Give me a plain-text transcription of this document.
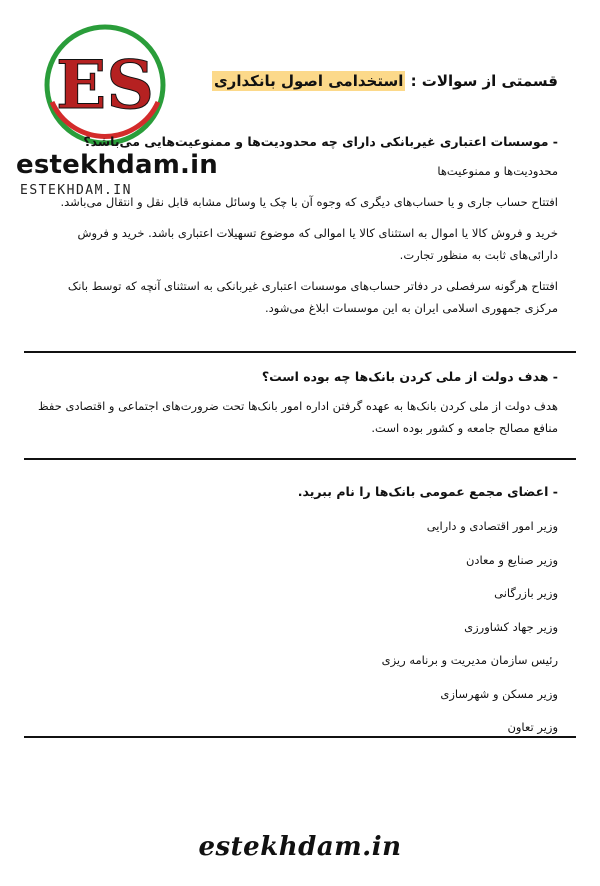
ES
estekhdam.in
ESTEKHDAM.IN
قسمتی از سوالات : استخدامی اصول بانکداری
- موسسات اعتباری غیربانکی دارای چه محدودیت‌ها و ممنوعیت‌هایی می‌باشد؟
محدودیت‌ها و ممنوعیت‌ها
افتتاح حساب جاری و یا حساب‌های دیگری که وجوه آن با چک یا وسائل مشابه قابل نقل و انتقال می‌باشد.
خرید و فروش کالا یا اموال به استثنای کالا یا اموالی که موضوع تسهیلات اعتباری باشد. خرید و فروش دارائی‌های ثابت به منظور تجارت.
افتتاح هرگونه سرفصلی در دفاتر حساب‌های موسسات اعتباری غیربانکی به استثنای آنچه که توسط بانک مرکزی جمهوری اسلامی ایران به این موسسات ابلاغ می‌شود.
- هدف دولت از ملی کردن بانک‌ها چه بوده است؟
هدف دولت از ملی کردن بانک‌ها به عهده گرفتن اداره امور بانک‌ها تحت ضرورت‌های اجتماعی و اقتصادی حفظ منافع مصالح جامعه و کشور بوده است.
- اعضای مجمع عمومی بانک‌ها را نام ببرید.
وزیر امور اقتصادی و دارایی
وزیر صنایع و معادن
وزیر بازرگانی
وزیر جهاد کشاورزی
رئیس سازمان مدیریت و برنامه ریزی
وزیر مسکن و شهرسازی
وزیر تعاون
estekhdam.in
